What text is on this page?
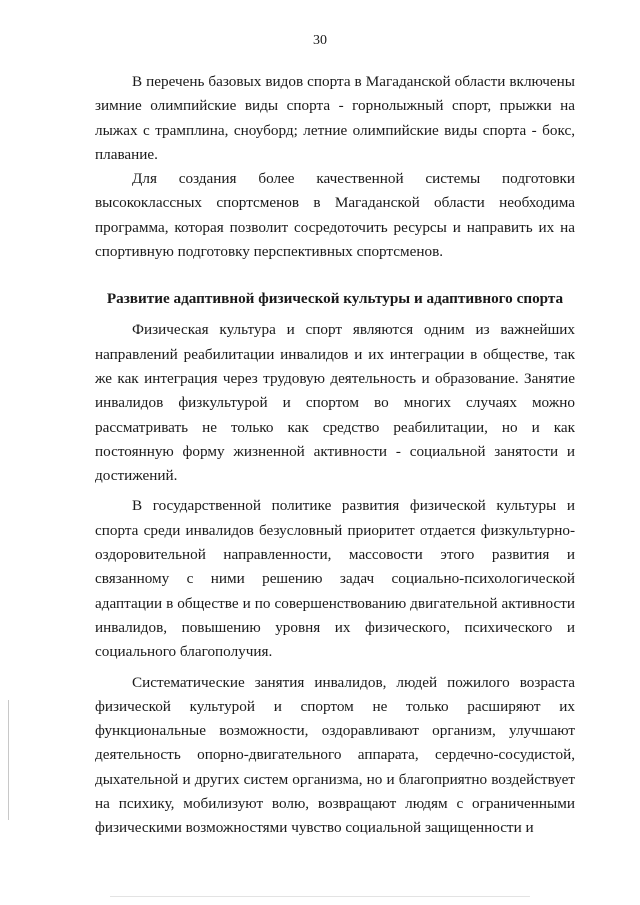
30

В перечень базовых видов спорта в Магаданской области включены зимние олимпийские виды спорта - горнолыжный спорт, прыжки на лыжах с трамплина, сноуборд; летние олимпийские виды спорта - бокс, плавание.

Для создания более качественной системы подготовки высококлассных спортсменов в Магаданской области необходима программа, которая позволит сосредоточить ресурсы и направить их на спортивную подготовку перспективных спортсменов.

Развитие адаптивной физической культуры и адаптивного спорта

Физическая культура и спорт являются одним из важнейших направлений реабилитации инвалидов и их интеграции в обществе, так же как интеграция через трудовую деятельность и образование. Занятие инвалидов физкультурой и спортом во многих случаях можно рассматривать не только как средство реабилитации, но и как постоянную форму жизненной активности - социальной занятости и достижений.

В государственной политике развития физической культуры и спорта среди инвалидов безусловный приоритет отдается физкультурно-оздоровительной направленности, массовости этого развития и связанному с ними решению задач социально-психологической адаптации в обществе и по совершенствованию двигательной активности инвалидов, повышению уровня их физического, психического и социального благополучия.

Систематические занятия инвалидов, людей пожилого возраста физической культурой и спортом не только расширяют их функциональные возможности, оздоравливают организм, улучшают деятельность опорно-двигательного аппарата, сердечно-сосудистой, дыхательной и других систем организма, но и благоприятно воздействует на психику, мобилизуют волю, возвращают людям с ограниченными физическими возможностями чувство социальной защищенности и
